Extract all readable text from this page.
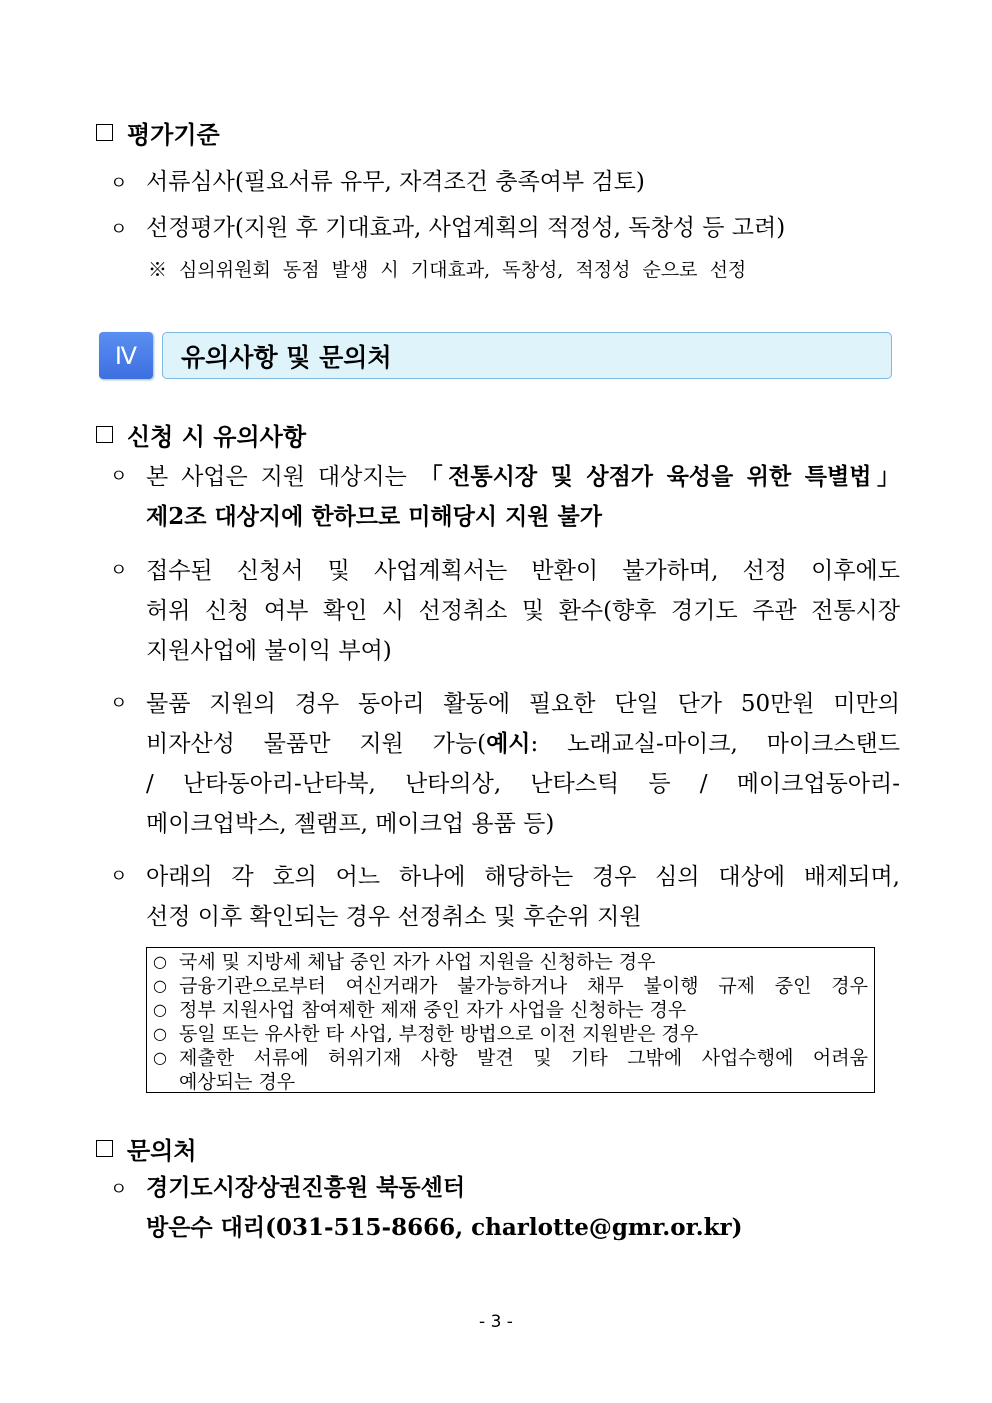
평가기준
ㅇ 서류심사(필요서류 유무, 자격조건 충족여부 검토)
ㅇ 선정평가(지원 후 기대효과, 사업계획의 적정성, 독창성 등 고려)
※ 심의위원회 동점 발생 시 기대효과, 독창성, 적정성 순으로 선정
Ⅳ	유의사항 및 문의처
신청 시 유의사항
ㅇ 본 사업은 지원 대상지는 「전통시장 및 상점가 육성을 위한 특별법」
제2조 대상지에 한하므로 미해당시 지원 불가
ㅇ 접수된 신청서 및 사업계획서는 반환이 불가하며, 선정 이후에도
허위 신청 여부 확인 시 선정취소 및 환수(향후 경기도 주관 전통시장
지원사업에 불이익 부여)
ㅇ 물품 지원의 경우 동아리 활동에 필요한 단일 단가 50만원 미만의
비자산성 물품만 지원 가능(예시: 노래교실-마이크, 마이크스탠드
/ 난타동아리-난타북, 난타의상, 난타스틱 등 / 메이크업동아리-
메이크업박스, 젤램프, 메이크업 용품 등)
ㅇ 아래의 각 호의 어느 하나에 해당하는 경우 심의 대상에 배제되며,
선정 이후 확인되는 경우 선정취소 및 후순위 지원
○ 국세 및 지방세 체납 중인 자가 사업 지원을 신청하는 경우
○ 금융기관으로부터 여신거래가 불가능하거나 채무 불이행 규제 중인 경우
○ 정부 지원사업 참여제한 제재 중인 자가 사업을 신청하는 경우
○ 동일 또는 유사한 타 사업, 부정한 방법으로 이전 지원받은 경우
○ 제출한 서류에 허위기재 사항 발견 및 기타 그밖에 사업수행에 어려움
예상되는 경우
문의처
ㅇ 경기도시장상권진흥원 북동센터
방은수 대리(031-515-8666, charlotte@gmr.or.kr)
- 3 -
